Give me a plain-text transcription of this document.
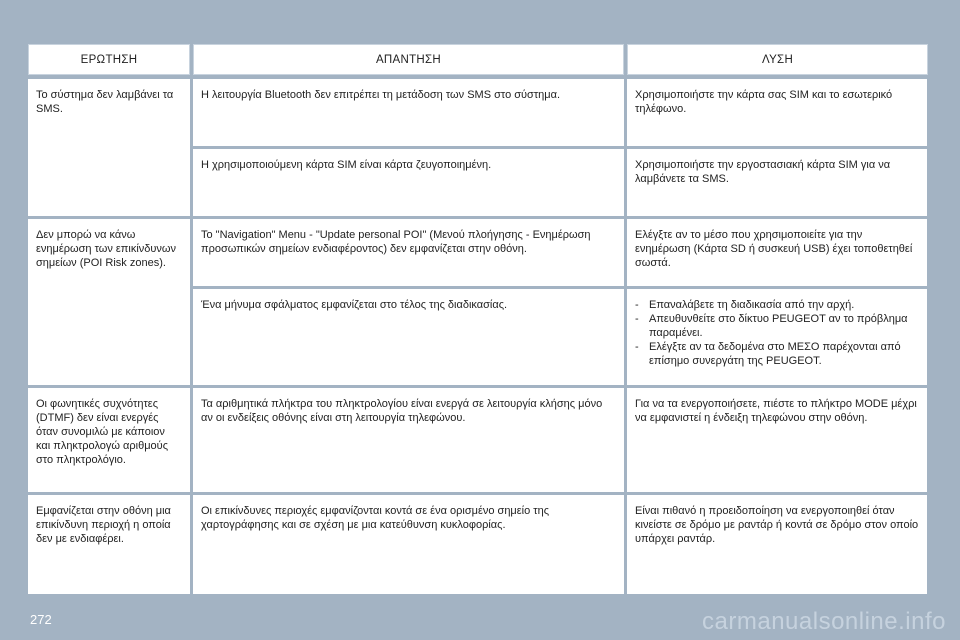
ΕΡΩΤΗΣΗ	ΑΠΑΝΤΗΣΗ	ΛΥΣΗ
Το σύστημα δεν λαμβάνει τα SMS.
Η λειτουργία Bluetooth δεν επιτρέπει τη μετάδοση των SMS στο σύστημα.	Χρησιμοποιήστε την κάρτα σας SIM και το εσωτερικό τηλέφωνο.
Η χρησιμοποιούμενη κάρτα SIM είναι κάρτα ζευγοποιημένη.	Χρησιμοποιήστε την εργοστασιακή κάρτα SIM για να λαμβάνετε τα SMS.
Δεν μπορώ να κάνω ενημέρωση των επικίνδυνων σημείων (POI Risk zones).
Το "Navigation" Menu - "Update personal POI" (Μενού πλοήγησης - Ενημέρωση προσωπικών σημείων ενδιαφέροντος) δεν εμφανίζεται στην οθόνη.
Ελέγξτε αν το μέσο που χρησιμοποιείτε για την ενημέρωση (Κάρτα SD ή συσκευή USB) έχει τοποθετηθεί σωστά.
Ένα μήνυμα σφάλματος εμφανίζεται στο τέλος της διαδικασίας.
-	Επαναλάβετε τη διαδικασία από την αρχή.
- Απευθυνθείτε στο δίκτυο PEUGEOT αν το πρόβλημα παραμένει.
- Ελέγξτε αν τα δεδομένα στο ΜΕΣΟ παρέχονται από επίσημο συνεργάτη της PEUGEOT.
Οι φωνητικές συχνότητες (DTMF) δεν είναι ενεργές όταν συνομιλώ με κάποιον και πληκτρολογώ αριθμούς στο πληκτρολόγιο.
Τα αριθμητικά πλήκτρα του πληκτρολογίου είναι ενεργά σε λειτουργία κλήσης μόνο αν οι ενδείξεις οθόνης είναι στη λειτουργία τηλεφώνου.
Για να τα ενεργοποιήσετε, πιέστε το πλήκτρο MODE μέχρι να εμφανιστεί η ένδειξη τηλεφώνου στην οθόνη.
Εμφανίζεται στην οθόνη μια επικίνδυνη περιοχή η οποία δεν με ενδιαφέρει.
Οι επικίνδυνες περιοχές εμφανίζονται κοντά σε ένα ορισμένο σημείο της χαρτογράφησης και σε σχέση με μια κατεύθυνση κυκλοφορίας.
Είναι πιθανό η προειδοποίηση να ενεργοποιηθεί όταν κινείστε σε δρόμο με ραντάρ ή κοντά σε δρόμο στον οποίο υπάρχει ραντάρ.
272	carmanualsonline.info
